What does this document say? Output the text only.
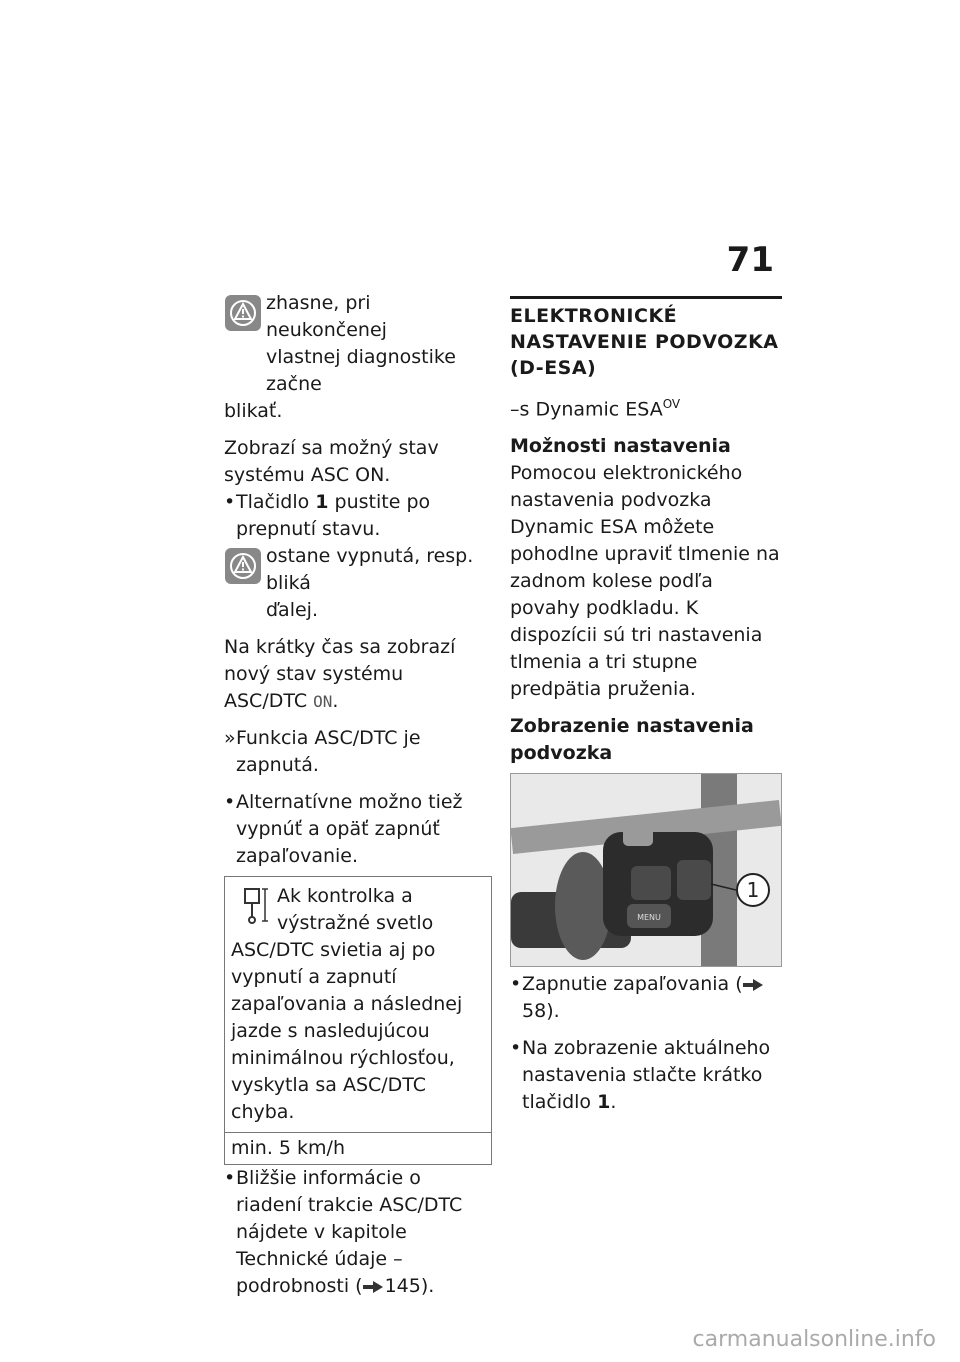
71

zhasne, pri neukončenej

vlastnej diagnostike začne

blikať.

Zobrazí sa možný stav systému ASC ON.

• Tlačidlo 1 pustite po prepnutí stavu.

ostane vypnutá, resp. bliká

ďalej.

Na krátky čas sa zobrazí nový stav systému ASC/DTC ON.

» Funkcia ASC/DTC je zapnutá.
• Alternatívne možno tiež vypnúť a opäť zapnúť zapaľovanie.
Ak kontrolka a výstražné svetlo ASC/DTC svietia aj po vypnutí a zapnutí zapaľovania a následnej jazde s nasledujúcou minimálnou rýchlosťou, vyskytla sa ASC/DTC chyba.
min. 5 km/h
• Bližšie informácie o riadení trakcie ASC/DTC nájdete v kapitole Technické údaje – podrobnosti ( 145).
ELEKTRONICKÉ NASTAVENIE PODVOZKA (D-ESA)

–s Dynamic $ESA^{OV}$

Možnosti nastavenia

Pomocou elektronického nastavenia podvozka Dynamic ESA môžete pohodlne upraviť tlmenie na zadnom kolese podľa povahy podkladu. K dispozícii sú tri nastavenia tlmenia a tri stupne predpätia pruženia.

Zobrazenie nastavenia podvozka

MENU
1
• Zapnutie zapaľovania (58).
• Na zobrazenie aktuálneho nastavenia stlačte krátko tlačidlo 1.
carmanualsonline.info
